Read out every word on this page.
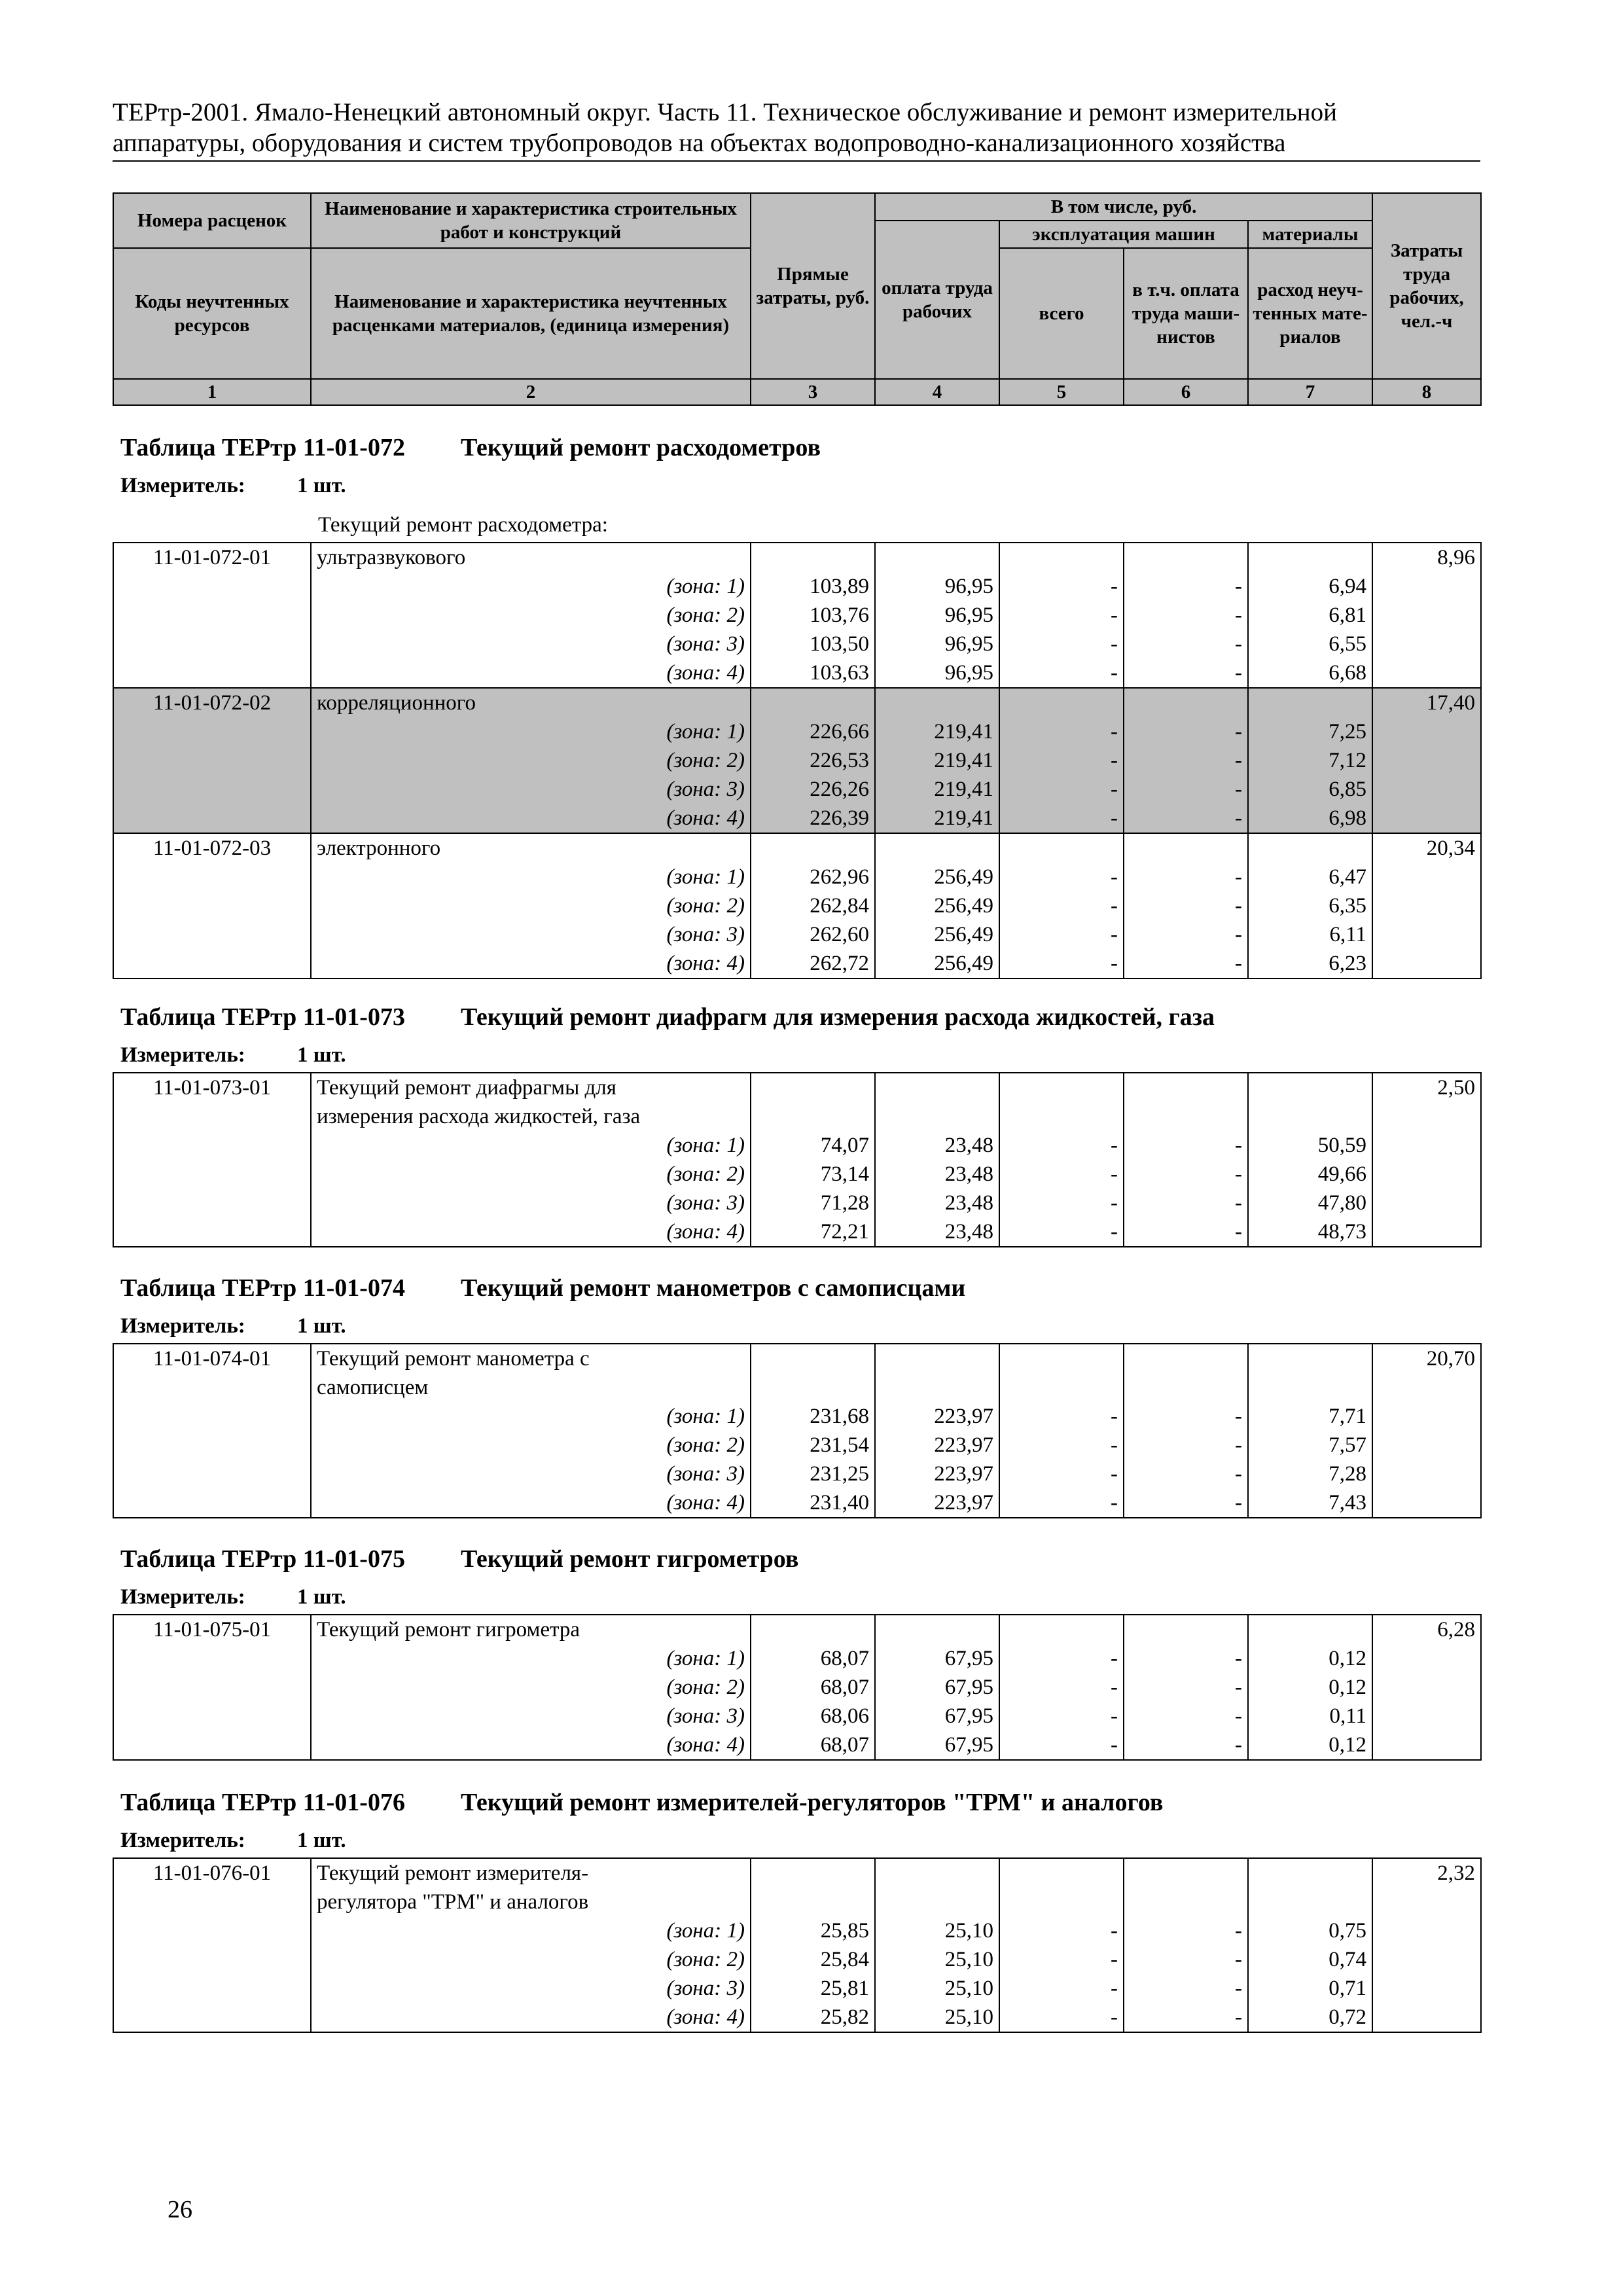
ТЕРтр-2001. Ямало-Ненецкий автономный округ. Часть 11. Техническое обслуживание и ремонт измерительной
аппаратуры, оборудования и систем трубопроводов на объектах водопроводно-канализационного хозяйства
Номера расценок	Наименование и характеристика строительных работ и конструкций	Прямые затраты, руб.	В том числе, руб.				Затраты труда рабочих, чел.-ч
			оплата труда рабочих	эксплуатация машин		материалы	
Коды неучтенных ресурсов	Наименование и характеристика неучтенных расценками материалов, (единица измерения)			всего	в т.ч. оплата труда маши-нистов	расход неуч-тенных мате-риалов	
1	2	3	4	5	6	7	8
Таблица ТЕРтр 11-01-072 Текущий ремонт расходометров
Измеритель: 1 шт.
Текущий ремонт расходометра:
11-01-072-01	ультразвукового						8,96
	(зона: 1)	103,89	96,95	-	-	6,94	
	(зона: 2)	103,76	96,95	-	-	6,81	
	(зона: 3)	103,50	96,95	-	-	6,55	
	(зона: 4)	103,63	96,95	-	-	6,68	
11-01-072-02	корреляционного						17,40
	(зона: 1)	226,66	219,41	-	-	7,25	
	(зона: 2)	226,53	219,41	-	-	7,12	
	(зона: 3)	226,26	219,41	-	-	6,85	
	(зона: 4)	226,39	219,41	-	-	6,98	
11-01-072-03	электронного						20,34
	(зона: 1)	262,96	256,49	-	-	6,47	
	(зона: 2)	262,84	256,49	-	-	6,35	
	(зона: 3)	262,60	256,49	-	-	6,11	
	(зона: 4)	262,72	256,49	-	-	6,23	
Таблица ТЕРтр 11-01-073 Текущий ремонт диафрагм для измерения расхода жидкостей, газа
Измеритель: 1 шт.
11-01-073-01	Текущий ремонт диафрагмы для						2,50
	измерения расхода жидкостей, газа						
	(зона: 1)	74,07	23,48	-	-	50,59	
	(зона: 2)	73,14	23,48	-	-	49,66	
	(зона: 3)	71,28	23,48	-	-	47,80	
	(зона: 4)	72,21	23,48	-	-	48,73	
Таблица ТЕРтр 11-01-074 Текущий ремонт манометров с самописцами
Измеритель: 1 шт.
11-01-074-01	Текущий ремонт манометра с						20,70
	самописцем						
	(зона: 1)	231,68	223,97	-	-	7,71	
	(зона: 2)	231,54	223,97	-	-	7,57	
	(зона: 3)	231,25	223,97	-	-	7,28	
	(зона: 4)	231,40	223,97	-	-	7,43	
Таблица ТЕРтр 11-01-075 Текущий ремонт гигрометров
Измеритель: 1 шт.
11-01-075-01	Текущий ремонт гигрометра						6,28
	(зона: 1)	68,07	67,95	-	-	0,12	
	(зона: 2)	68,07	67,95	-	-	0,12	
	(зона: 3)	68,06	67,95	-	-	0,11	
	(зона: 4)	68,07	67,95	-	-	0,12	
Таблица ТЕРтр 11-01-076 Текущий ремонт измерителей-регуляторов "ТРМ" и аналогов
Измеритель: 1 шт.
11-01-076-01	Текущий ремонт измерителя-						2,32
	регулятора "ТРМ" и аналогов						
	(зона: 1)	25,85	25,10	-	-	0,75	
	(зона: 2)	25,84	25,10	-	-	0,74	
	(зона: 3)	25,81	25,10	-	-	0,71	
	(зона: 4)	25,82	25,10	-	-	0,72	
26
